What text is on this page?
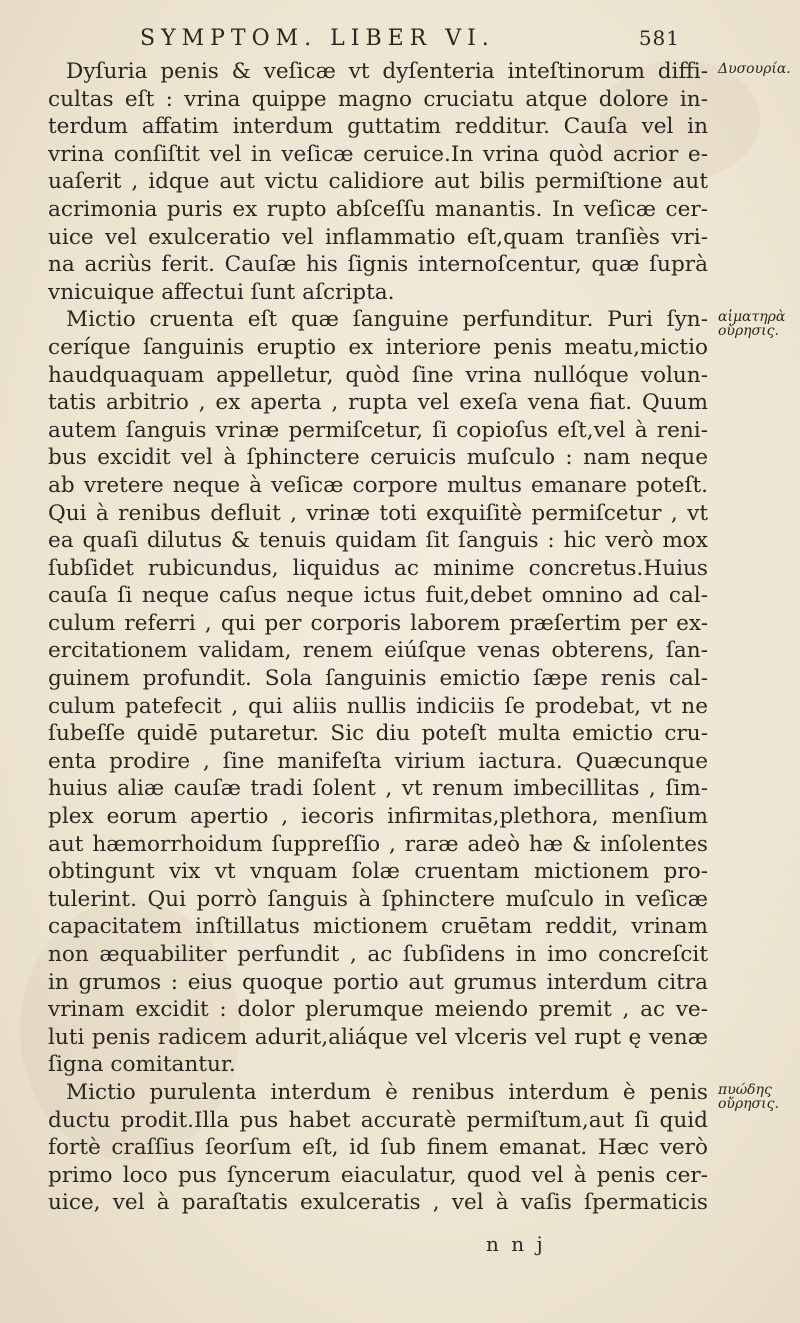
SYMPTOM. LIBER VI.	581
Dyſuria penis & veſicæ vt dyſenteria inteſtinorum diffi-
cultas eſt : vrina quippe magno cruciatu atque dolore in-
terdum affatim interdum guttatim redditur. Cauſa vel in
vrina conſiſtit vel in veſicæ ceruice.In vrina quòd acrior e-
uaſerit , idque aut victu calidiore aut bilis permiſtione aut
acrimonia puris ex rupto abſceſſu manantis. In veſicæ cer-
uice vel exulceratio vel inflammatio eſt,quam tranſiès vri-
na acriùs ferit. Cauſæ his ſignis internoſcentur, quæ ſuprà
vnicuique affectui ſunt aſcripta.
Mictio cruenta eſt quæ ſanguine perfunditur. Puri ſyn-
ceríque ſanguinis eruptio ex interiore penis meatu,mictio
haudquaquam appelletur, quòd ſine vrina nullóque volun-
tatis arbitrio , ex aperta , rupta vel exeſa vena fiat. Quum
autem ſanguis vrinæ permiſcetur, ſi copioſus eſt,vel à reni-
bus excidit vel à ſphinctere ceruicis muſculo : nam neque
ab vretere neque à veſicæ corpore multus emanare poteſt.
Qui à renibus defluit , vrinæ toti exquiſitè permiſcetur , vt
ea quaſi dilutus & tenuis quidam ſit ſanguis : hic verò mox
ſubſidet rubicundus, liquidus ac minime concretus.Huius
cauſa ſi neque caſus neque ictus fuit,debet omnino ad cal-
culum referri , qui per corporis laborem præſertim per ex-
ercitationem validam, renem eiúſque venas obterens, ſan-
guinem profundit. Sola ſanguinis emictio ſæpe renis cal-
culum patefecit , qui aliis nullis indiciis ſe prodebat, vt ne
ſubeſſe quidē putaretur. Sic diu poteſt multa emictio cru-
enta prodire , ſine manifeſta virium iactura. Quæcunque
huius aliæ cauſæ tradi ſolent , vt renum imbecillitas , ſim-
plex eorum apertio , iecoris infirmitas,plethora, menſium
aut hæmorrhoidum ſuppreſſio , raræ adeò hæ & inſolentes
obtingunt vix vt vnquam ſolæ cruentam mictionem pro-
tulerint. Qui porrò ſanguis à ſphinctere muſculo in veſicæ
capacitatem inſtillatus mictionem cruētam reddit, vrinam
non æquabiliter perfundit , ac ſubſidens in imo concreſcit
in grumos : eius quoque portio aut grumus interdum citra
vrinam excidit : dolor plerumque meiendo premit , ac ve-
luti penis radicem adurit,aliáque vel vlceris vel rupt ę venæ
ſigna comitantur.
Mictio purulenta interdum è renibus interdum è penis
ductu prodit.Illa pus habet accuratè permiſtum,aut ſi quid
fortè craſſius ſeorſum eſt, id ſub finem emanat. Hæc verò
primo loco pus ſyncerum eiaculatur, quod vel à penis cer-
uice, vel à paraſtatis exulceratis , vel à vaſis ſpermaticis
Δυσουρία.
αἱματηρὰ οὔρησις.
πυώδης οὔρησις.
n n j
